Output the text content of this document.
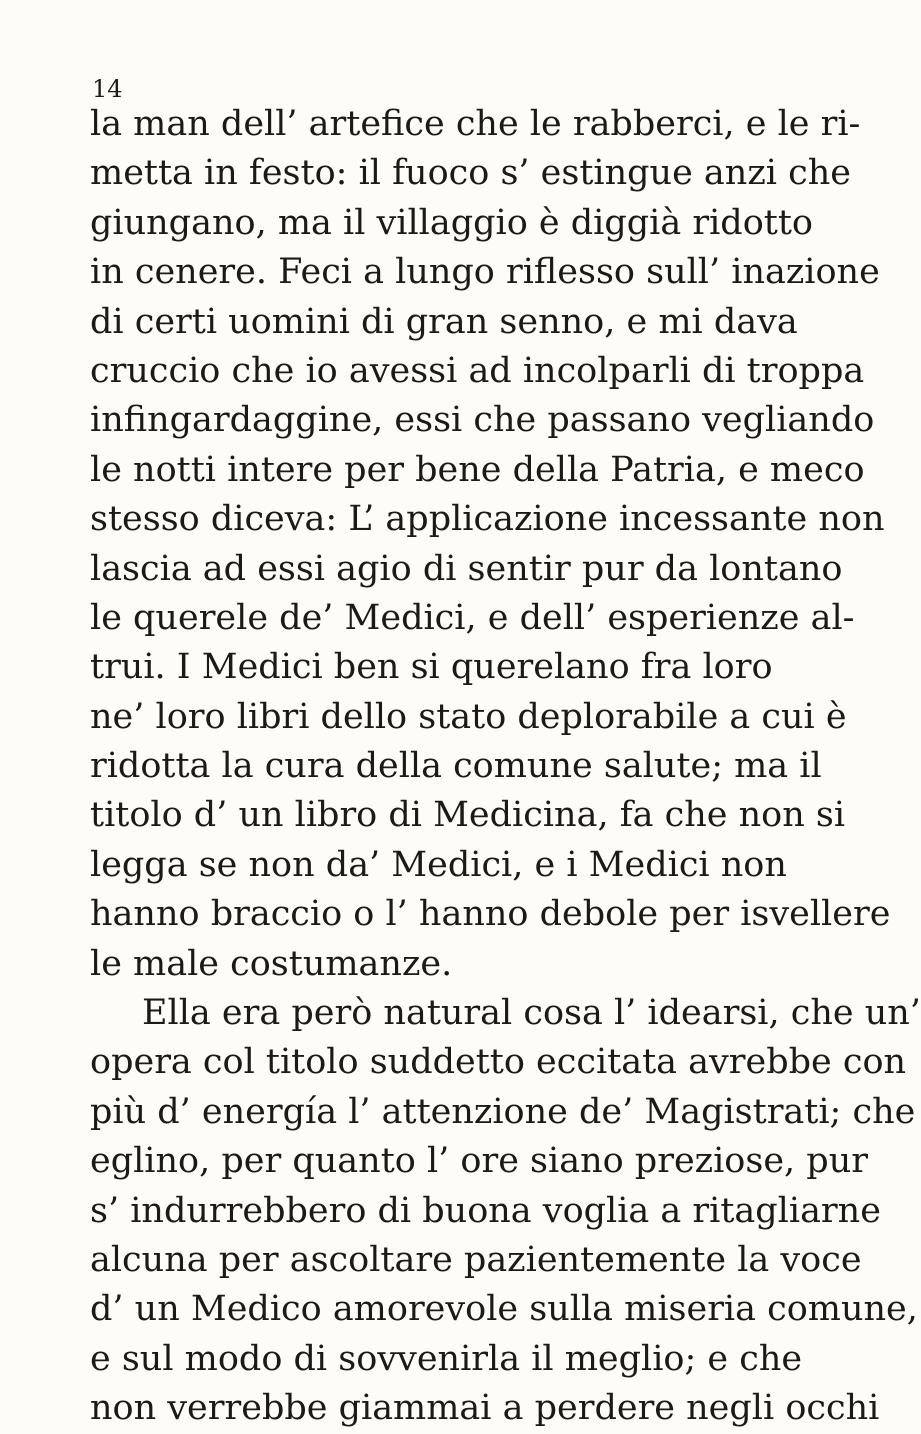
14
la man dell’ artefice che le rabberci, e le ri-
metta in festo: il fuoco s’ estingue anzi che
giungano, ma il villaggio è diggià ridotto
in cenere. Feci a lungo riflesso sull’ inazione
di certi uomini di gran senno, e mi dava
cruccio che io avessi ad incolparli di troppa
infingardaggine, essi che passano vegliando
le notti intere per bene della Patria, e meco
stesso diceva: L’ applicazione incessante non
lascia ad essi agio di sentir pur da lontano
le querele de’ Medici, e dell’ esperienze al-
trui. I Medici ben si querelano fra loro
ne’ loro libri dello stato deplorabile a cui è
ridotta la cura della comune salute; ma il
titolo d’ un libro di Medicina, fa che non si
legga se non da’ Medici, e i Medici non
hanno braccio o l’ hanno debole per isvellere
le male costumanze.
Ella era però natural cosa l’ idearsi, che un’
opera col titolo suddetto eccitata avrebbe con
più d’ energía l’ attenzione de’ Magistrati; che
eglino, per quanto l’ ore siano preziose, pur
s’ indurrebbero di buona voglia a ritagliarne
alcuna per ascoltare pazientemente la voce
d’ un Medico amorevole sulla miseria comune,
e sul modo di sovvenirla il meglio; e che
non verrebbe giammai a perdere negli occhi
